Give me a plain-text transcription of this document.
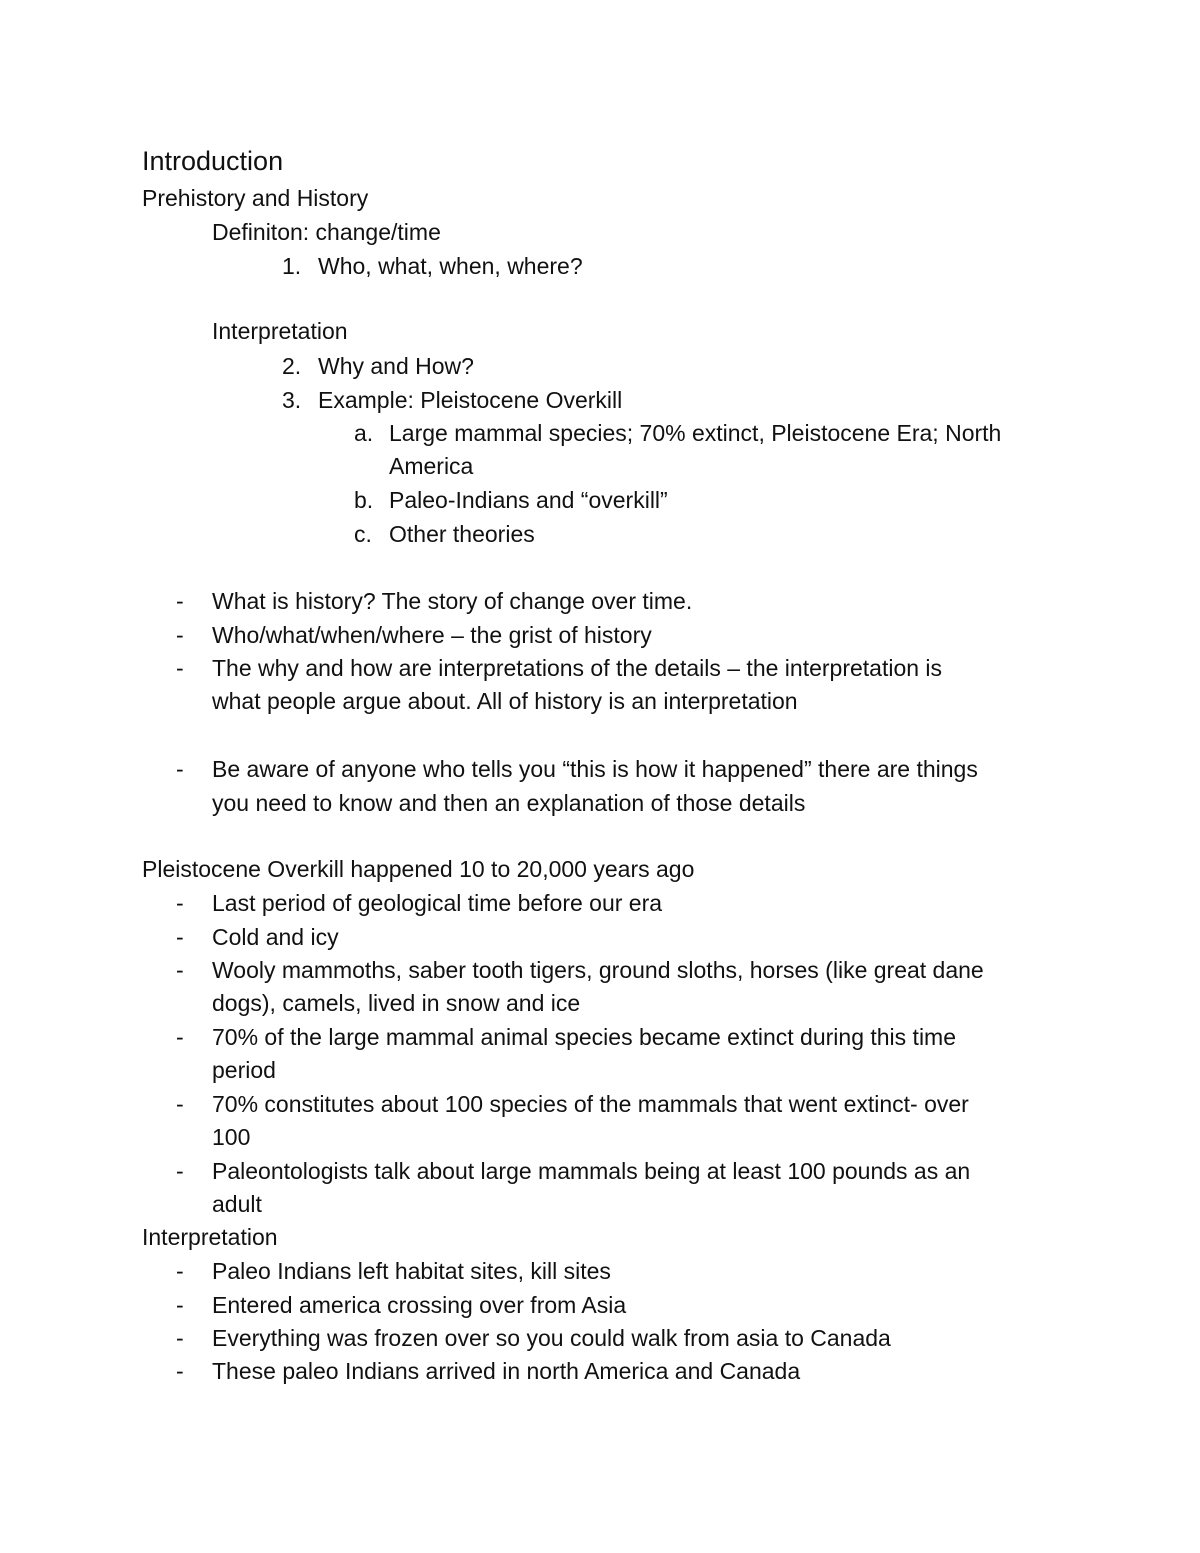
Introduction
Prehistory and History
Definiton: change/time
1. Who, what, when, where?
Interpretation
2. Why and How?
3. Example: Pleistocene Overkill
a. Large mammal species; 70% extinct, Pleistocene Era; North
America
b. Paleo-Indians and “overkill”
c. Other theories
- What is history? The story of change over time.
- Who/what/when/where – the grist of history
- The why and how are interpretations of the details – the interpretation is
what people argue about. All of history is an interpretation
- Be aware of anyone who tells you “this is how it happened” there are things
you need to know and then an explanation of those details
Pleistocene Overkill happened 10 to 20,000 years ago
- Last period of geological time before our era
- Cold and icy
- Wooly mammoths, saber tooth tigers, ground sloths, horses (like great dane
dogs), camels, lived in snow and ice
- 70% of the large mammal animal species became extinct during this time
period
- 70% constitutes about 100 species of the mammals that went extinct- over
100
- Paleontologists talk about large mammals being at least 100 pounds as an
adult
Interpretation
- Paleo Indians left habitat sites, kill sites
- Entered america crossing over from Asia
- Everything was frozen over so you could walk from asia to Canada
- These paleo Indians arrived in north America and Canada
